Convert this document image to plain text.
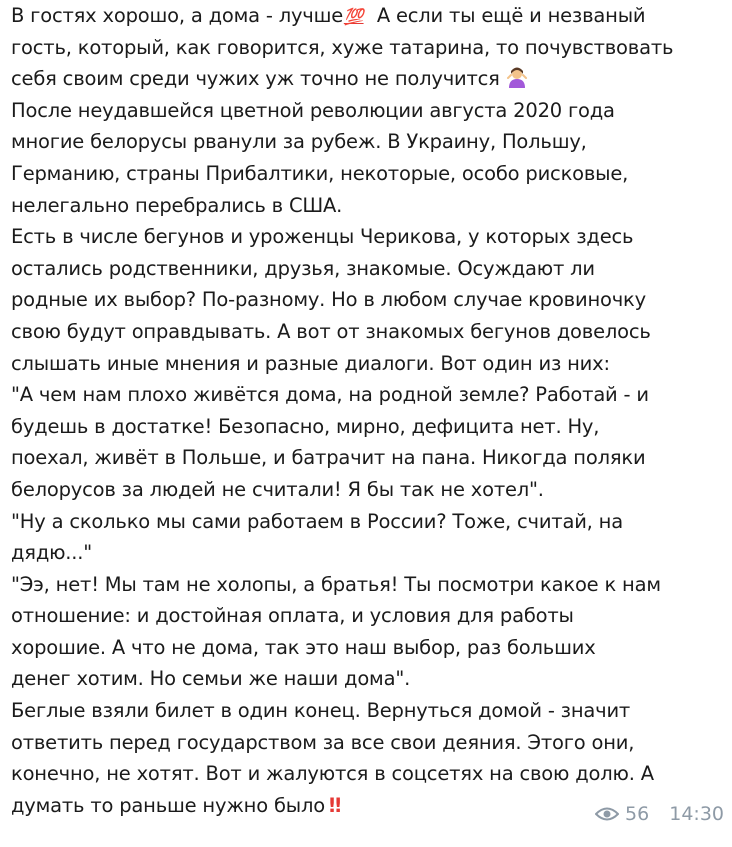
В гостях хорошо, а дома - лучше💯 А если ты ещё и незваный
гость, который, как говорится, хуже татарина, то почувствовать
себя своим среди чужих уж точно не получится
После неудавшейся цветной революции августа 2020 года
многие белорусы рванули за рубеж. В Украину, Польшу,
Германию, страны Прибалтики, некоторые, особо рисковые,
нелегально перебрались в США.
Есть в числе бегунов и уроженцы Черикова, у которых здесь
остались родственники, друзья, знакомые. Осуждают ли
родные их выбор? По-разному. Но в любом случае кровиночку
свою будут оправдывать. А вот от знакомых бегунов довелось
слышать иные мнения и разные диалоги. Вот один из них:
"А чем нам плохо живётся дома, на родной земле? Работай - и
будешь в достатке! Безопасно, мирно, дефицита нет. Ну,
поехал, живёт в Польше, и батрачит на пана. Никогда поляки
белорусов за людей не считали! Я бы так не хотел".
"Ну а сколько мы сами работаем в России? Тоже, считай, на
дядю..."
"Ээ, нет! Мы там не холопы, а братья! Ты посмотри какое к нам
отношение: и достойная оплата, и условия для работы
хорошие. А что не дома, так это наш выбор, раз больших
денег хотим. Но семьи же наши дома".
Беглые взяли билет в один конец. Вернуться домой - значит
ответить перед государством за все свои деяния. Этого они,
конечно, не хотят. Вот и жалуются в соцсетях на свою долю. А
думать то раньше нужно было ‼	56 14:30
